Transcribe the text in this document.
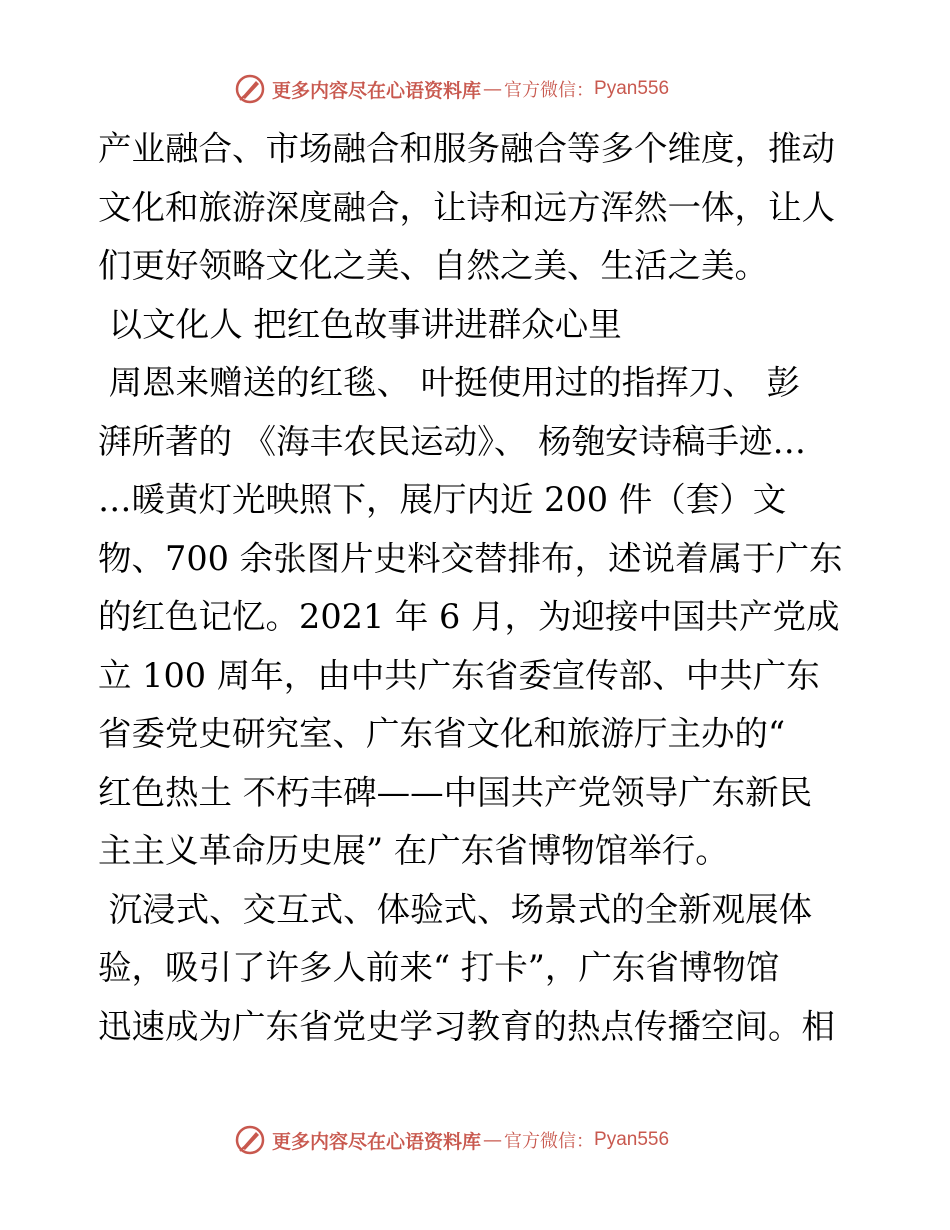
更多内容尽在心语资料库 — 官方微信： Pyan556
产业融合、市场融合和服务融合等多个维度，推动
文化和旅游深度融合，让诗和远方浑然一体，让人
们更好领略文化之美、自然之美、生活之美。
以文化人 把红色故事讲进群众心里
周恩来赠送的红毯、 叶挺使用过的指挥刀、 彭
湃所著的 《海丰农民运动》、 杨匏安诗稿手迹…
…暖黄灯光映照下，展厅内近 200 件（套）文
物、700 余张图片史料交替排布，述说着属于广东
的红色记忆。2021 年 6 月，为迎接中国共产党成
立 100 周年，由中共广东省委宣传部、中共广东
省委党史研究室、广东省文化和旅游厅主办的“
红色热土 不朽丰碑——中国共产党领导广东新民
主主义革命历史展” 在广东省博物馆举行。
沉浸式、交互式、体验式、场景式的全新观展体
验，吸引了许多人前来“ 打卡”，广东省博物馆
迅速成为广东省党史学习教育的热点传播空间。相
更多内容尽在心语资料库 — 官方微信： Pyan556
